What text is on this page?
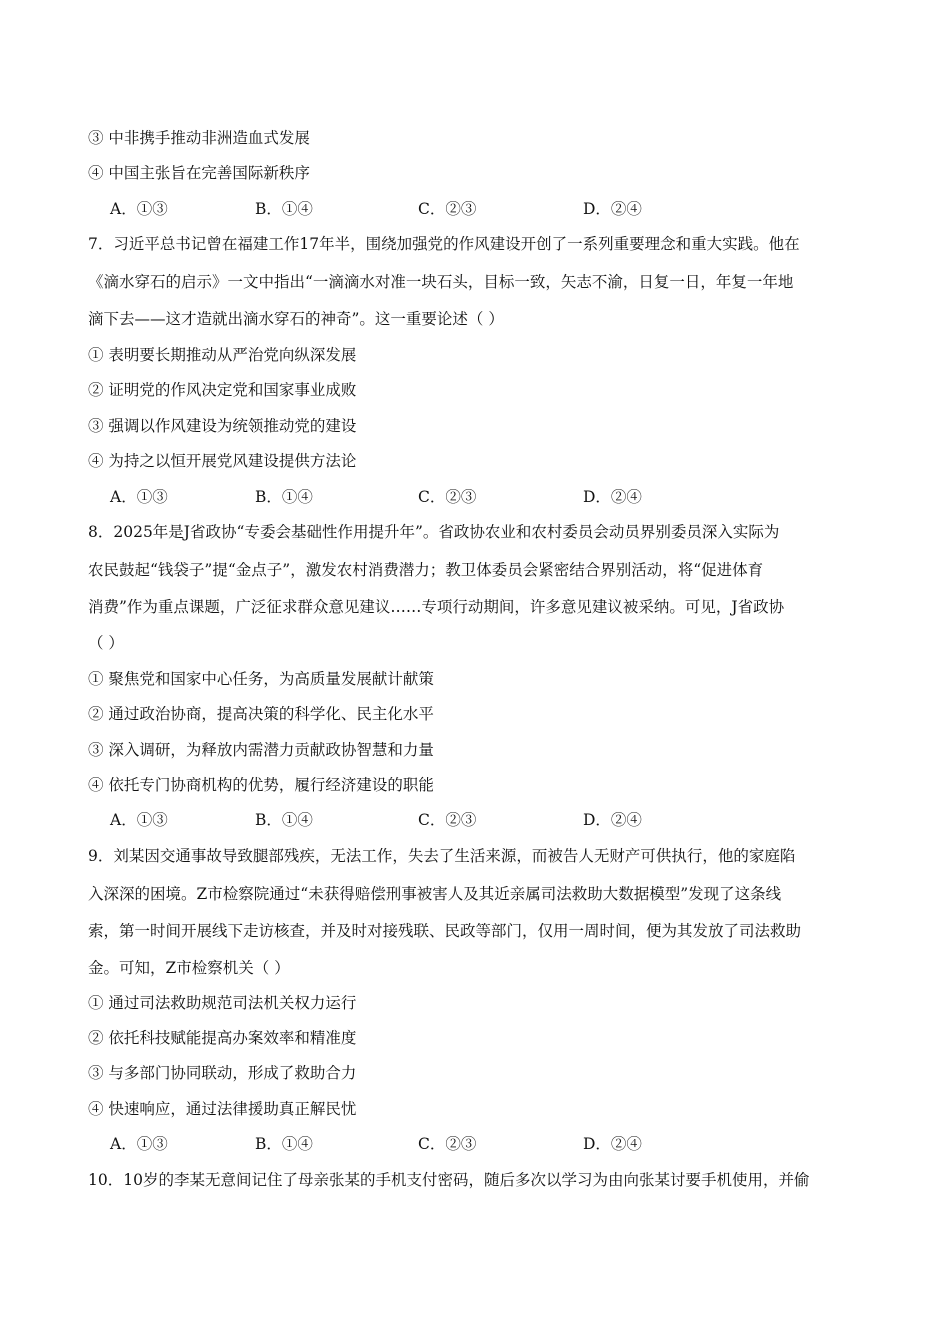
③ 中非携手推动非洲造血式发展
④ 中国主张旨在完善国际新秩序
A．①③	B．①④	C．②③	D．②④
7．习近平总书记曾在福建工作17年半，围绕加强党的作风建设开创了一系列重要理念和重大实践。他在
《滴水穿石的启示》一文中指出“一滴滴水对准一块石头，目标一致，矢志不渝，日复一日，年复一年地
滴下去——这才造就出滴水穿石的神奇”。这一重要论述（ ）
① 表明要长期推动从严治党向纵深发展
② 证明党的作风决定党和国家事业成败
③ 强调以作风建设为统领推动党的建设
④ 为持之以恒开展党风建设提供方法论
A．①③	B．①④	C．②③	D．②④
8．2025年是J省政协“专委会基础性作用提升年”。省政协农业和农村委员会动员界别委员深入实际为
农民鼓起“钱袋子”提“金点子”，激发农村消费潜力；教卫体委员会紧密结合界别活动，将“促进体育
消费”作为重点课题，广泛征求群众意见建议……专项行动期间，许多意见建议被采纳。可见，J省政协
（ ）
① 聚焦党和国家中心任务，为高质量发展献计献策
② 通过政治协商，提高决策的科学化、民主化水平
③ 深入调研，为释放内需潜力贡献政协智慧和力量
④ 依托专门协商机构的优势，履行经济建设的职能
A．①③	B．①④	C．②③	D．②④
9．刘某因交通事故导致腿部残疾，无法工作，失去了生活来源，而被告人无财产可供执行，他的家庭陷
入深深的困境。Z市检察院通过“未获得赔偿刑事被害人及其近亲属司法救助大数据模型”发现了这条线
索，第一时间开展线下走访核查，并及时对接残联、民政等部门，仅用一周时间，便为其发放了司法救助
金。可知，Z市检察机关（ ）
① 通过司法救助规范司法机关权力运行
② 依托科技赋能提高办案效率和精准度
③ 与多部门协同联动，形成了救助合力
④ 快速响应，通过法律援助真正解民忧
A．①③	B．①④	C．②③	D．②④
10．10岁的李某无意间记住了母亲张某的手机支付密码，随后多次以学习为由向张某讨要手机使用，并偷
